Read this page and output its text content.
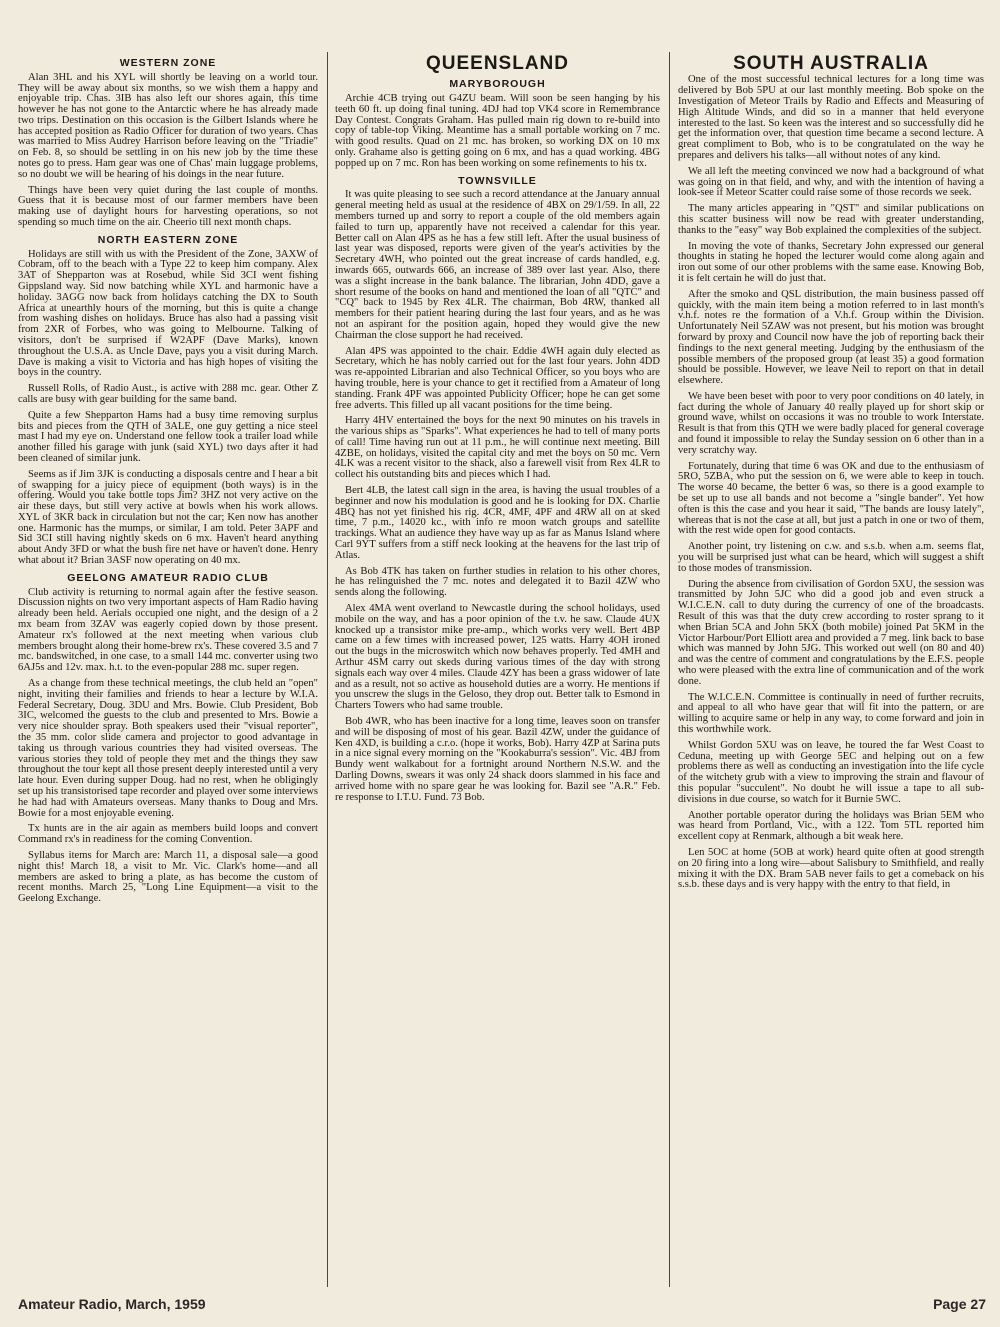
WESTERN ZONE

Alan 3HL and his XYL will shortly be leaving on a world tour. They will be away about six months, so we wish them a happy and enjoyable trip. Chas. 3IB has also left our shores again, this time however he has not gone to the Antarctic where he has already made two trips. Destination on this occasion is the Gilbert Islands where he has accepted position as Radio Officer for duration of two years. Chas was married to Miss Audrey Harrison before leaving on the "Triadie" on Feb. 8, so should be settling in on his new job by the time these notes go to press. Ham gear was one of Chas' main luggage problems, so no doubt we will be hearing of his doings in the near future.

Things have been very quiet during the last couple of months. Guess that it is because most of our farmer members have been making use of daylight hours for harvesting operations, so not spending so much time on the air. Cheerio till next month chaps.

NORTH EASTERN ZONE

Holidays are still with us with the President of the Zone, 3AXW of Cobram, off to the beach with a Type 22 to keep him company. Alex 3AT of Shepparton was at Rosebud, while Sid 3CI went fishing Gippsland way. Sid now batching while XYL and harmonic have a holiday. 3AGG now back from holidays catching the DX to South Africa at unearthly hours of the morning, but this is quite a change from washing dishes on holidays. Bruce has also had a passing visit from 2XR of Forbes, who was going to Melbourne. Talking of visitors, don't be surprised if W2APF (Dave Marks), known throughout the U.S.A. as Uncle Dave, pays you a visit during March. Dave is making a visit to Victoria and has high hopes of visiting the boys in the country.

Russell Rolls, of Radio Aust., is active with 288 mc. gear. Other Z calls are busy with gear building for the same band.

Quite a few Shepparton Hams had a busy time removing surplus bits and pieces from the QTH of 3ALE, one guy getting a nice steel mast I had my eye on. Understand one fellow took a trailer load while another filled his garage with junk (said XYL) two days after it had been cleaned of similar junk.

Seems as if Jim 3JK is conducting a disposals centre and I hear a bit of swapping for a juicy piece of equipment (both ways) is in the offering. Would you take bottle tops Jim? 3HZ not very active on the air these days, but still very active at bowls when his work allows. XYL of 3KR back in circulation but not the car; Ken now has another one. Harmonic has the mumps, or similar, I am told. Peter 3APF and Sid 3CI still having nightly skeds on 6 mx. Haven't heard anything about Andy 3FD or what the bush fire net have or haven't done. Henry what about it? Brian 3ASF now operating on 40 mx.

GEELONG AMATEUR RADIO CLUB

Club activity is returning to normal again after the festive season. Discussion nights on two very important aspects of Ham Radio having already been held. Aerials occupied one night, and the design of a 2 mx beam from 3ZAV was eagerly copied down by those present. Amateur rx's followed at the next meeting when various club members brought along their home-brew rx's. These covered 3.5 and 7 mc. bandswitched, in one case, to a small 144 mc. converter using two 6AJ5s and 12v. max. h.t. to the even-popular 288 mc. super regen.

As a change from these technical meetings, the club held an "open" night, inviting their families and friends to hear a lecture by W.I.A. Federal Secretary, Doug. 3DU and Mrs. Bowie. Club President, Bob 3IC, welcomed the guests to the club and presented to Mrs. Bowie a very nice shoulder spray. Both speakers used their "visual reporter", the 35 mm. color slide camera and projector to good advantage in taking us through various countries they had visited overseas. The various stories they told of people they met and the things they saw throughout the tour kept all those present deeply interested until a very late hour. Even during supper Doug. had no rest, when he obligingly set up his transistorised tape recorder and played over some interviews he had had with Amateurs overseas. Many thanks to Doug and Mrs. Bowie for a most enjoyable evening.

Tx hunts are in the air again as members build loops and convert Command rx's in readiness for the coming Convention.

Syllabus items for March are: March 11, a disposal sale—a good night this! March 18, a visit to Mr. Vic. Clark's home—and all members are asked to bring a plate, as has become the custom of recent months. March 25, "Long Line Equipment—a visit to the Geelong Exchange.

QUEENSLAND
MARYBOROUGH

Archie 4CB trying out G4ZU beam. Will soon be seen hanging by his teeth 60 ft. up doing final tuning. 4DJ had top VK4 score in Remembrance Day Contest. Congrats Graham. Has pulled main rig down to re-build into copy of table-top Viking. Meantime has a small portable working on 7 mc. with good results. Quad on 21 mc. has broken, so working DX on 10 mx only. Grahame also is getting going on 6 mx, and has a quad working. 4BG popped up on 7 mc. Ron has been working on some refinements to his tx.

TOWNSVILLE

It was quite pleasing to see such a record attendance at the January annual general meeting held as usual at the residence of 4BX on 29/1/59. In all, 22 members turned up and sorry to report a couple of the old members again failed to turn up, apparently have not received a calendar for this year. Better call on Alan 4PS as he has a few still left. After the usual business of last year was disposed, reports were given of the year's activities by the Secretary 4WH, who pointed out the great increase of cards handled, e.g. inwards 665, outwards 666, an increase of 389 over last year. Also, there was a slight increase in the bank balance. The librarian, John 4DD, gave a short resume of the books on hand and mentioned the loan of all "QTC" and "CQ" back to 1945 by Rex 4LR. The chairman, Bob 4RW, thanked all members for their patient hearing during the last four years, and as he was not an aspirant for the position again, hoped they would give the new Chairman the close support he had received.

Alan 4PS was appointed to the chair. Eddie 4WH again duly elected as Secretary, which he has nobly carried out for the last four years. John 4DD was re-appointed Librarian and also Technical Officer, so you boys who are having trouble, here is your chance to get it rectified from a Amateur of long standing. Frank 4PF was appointed Publicity Officer; hope he can get some free adverts. This filled up all vacant positions for the time being.

Harry 4HV entertained the boys for the next 90 minutes on his travels in the various ships as "Sparks". What experiences he had to tell of many ports of call! Time having run out at 11 p.m., he will continue next meeting. Bill 4ZBE, on holidays, visited the capital city and met the boys on 50 mc. Vern 4LK was a recent visitor to the shack, also a farewell visit from Rex 4LR to collect his outstanding bits and pieces which I had.

Bert 4LB, the latest call sign in the area, is having the usual troubles of a beginner and now his modulation is good and he is looking for DX. Charlie 4BQ has not yet finished his rig. 4CR, 4MF, 4PF and 4RW all on at sked time, 7 p.m., 14020 kc., with info re moon watch groups and satellite trackings. What an audience they have way up as far as Manus Island where Carl 9YT suffers from a stiff neck looking at the heavens for the last trip of Atlas.

As Bob 4TK has taken on further studies in relation to his other chores, he has relinguished the 7 mc. notes and delegated it to Bazil 4ZW who sends along the following.

Alex 4MA went overland to Newcastle during the school holidays, used mobile on the way, and has a poor opinion of the t.v. he saw. Claude 4UX knocked up a transistor mike pre-amp., which works very well. Bert 4BP came on a few times with increased power, 125 watts. Harry 4OH ironed out the bugs in the microswitch which now behaves properly. Ted 4MH and Arthur 4SM carry out skeds during various times of the day with strong signals each way over 4 miles. Claude 4ZY has been a grass widower of late and as a result, not so active as household duties are a worry. He mentions if you unscrew the slugs in the Geloso, they drop out. Better talk to Esmond in Charters Towers who had same trouble.

Bob 4WR, who has been inactive for a long time, leaves soon on transfer and will be disposing of most of his gear. Bazil 4ZW, under the guidance of Ken 4XD, is building a c.r.o. (hope it works, Bob). Harry 4ZP at Sarina puts in a nice signal every morning on the "Kookaburra's session". Vic. 4BJ from Bundy went walkabout for a fortnight around Northern N.S.W. and the Darling Downs, swears it was only 24 shack doors slammed in his face and arrived home with no spare gear he was looking for. Bazil see "A.R." Feb. re response to I.T.U. Fund. 73 Bob.

SOUTH AUSTRALIA

One of the most successful technical lectures for a long time was delivered by Bob 5PU at our last monthly meeting. Bob spoke on the Investigation of Meteor Trails by Radio and Effects and Measuring of High Altitude Winds, and did so in a manner that held everyone interested to the last. So keen was the interest and so successfully did he get the information over, that question time became a second lecture. A great compliment to Bob, who is to be congratulated on the way he prepares and delivers his talks—all without notes of any kind.

We all left the meeting convinced we now had a background of what was going on in that field, and why, and with the intention of having a look-see if Meteor Scatter could raise some of those records we seek.

The many articles appearing in "QST" and similar publications on this scatter business will now be read with greater understanding, thanks to the "easy" way Bob explained the complexities of the subject.

In moving the vote of thanks, Secretary John expressed our general thoughts in stating he hoped the lecturer would come along again and iron out some of our other problems with the same ease. Knowing Bob, it is felt certain he will do just that.

After the smoko and QSL distribution, the main business passed off quickly, with the main item being a motion referred to in last month's v.h.f. notes re the formation of a V.h.f. Group within the Division. Unfortunately Neil 5ZAW was not present, but his motion was brought forward by proxy and Council now have the job of reporting back their findings to the next general meeting. Judging by the enthusiasm of the possible members of the proposed group (at least 35) a good formation should be possible. However, we leave Neil to report on that in detail elsewhere.

We have been beset with poor to very poor conditions on 40 lately, in fact during the whole of January 40 really played up for short skip or ground wave, whilst on occasions it was no trouble to work Interstate. Result is that from this QTH we were badly placed for general coverage and found it impossible to relay the Sunday session on 6 other than in a very scratchy way.

Fortunately, during that time 6 was OK and due to the enthusiasm of 5RO, 5ZBA, who put the session on 6, we were able to keep in touch. The worse 40 became, the better 6 was, so there is a good example to be set up to use all bands and not become a "single bander". Yet how often is this the case and you hear it said, "The bands are lousy lately", whereas that is not the case at all, but just a patch in one or two of them, with the rest wide open for good contacts.

Another point, try listening on c.w. and s.s.b. when a.m. seems flat, you will be surprised just what can be heard, which will suggest a shift to those modes of transmission.

During the absence from civilisation of Gordon 5XU, the session was transmitted by John 5JC who did a good job and even struck a W.I.C.E.N. call to duty during the currency of one of the broadcasts. Result of this was that the duty crew according to roster sprang to it when Brian 5CA and John 5KX (both mobile) joined Pat 5KM in the Victor Harbour/Port Elliott area and provided a 7 meg. link back to base which was manned by John 5JG. This worked out well (on 80 and 40) and was the centre of comment and congratulations by the E.F.S. people who were pleased with the extra line of communication and of the work done.

The W.I.C.E.N. Committee is continually in need of further recruits, and appeal to all who have gear that will fit into the pattern, or are willing to acquire same or help in any way, to come forward and join in this worthwhile work.

Whilst Gordon 5XU was on leave, he toured the far West Coast to Ceduna, meeting up with George 5EC and helping out on a few problems there as well as conducting an investigation into the life cycle of the witchety grub with a view to improving the strain and flavour of this popular "succulent". No doubt he will issue a tape to all sub-divisions in due course, so watch for it Burnie 5WC.

Another portable operator during the holidays was Brian 5EM who was heard from Portland, Vic., with a 122. Tom 5TL reported him excellent copy at Renmark, although a bit weak here.

Len 5OC at home (5OB at work) heard quite often at good strength on 20 firing into a long wire—about Salisbury to Smithfield, and really mixing it with the DX. Bram 5AB never fails to get a comeback on his s.s.b. these days and is very happy with the entry to that field, in

Amateur Radio, March, 1959	Page 27
